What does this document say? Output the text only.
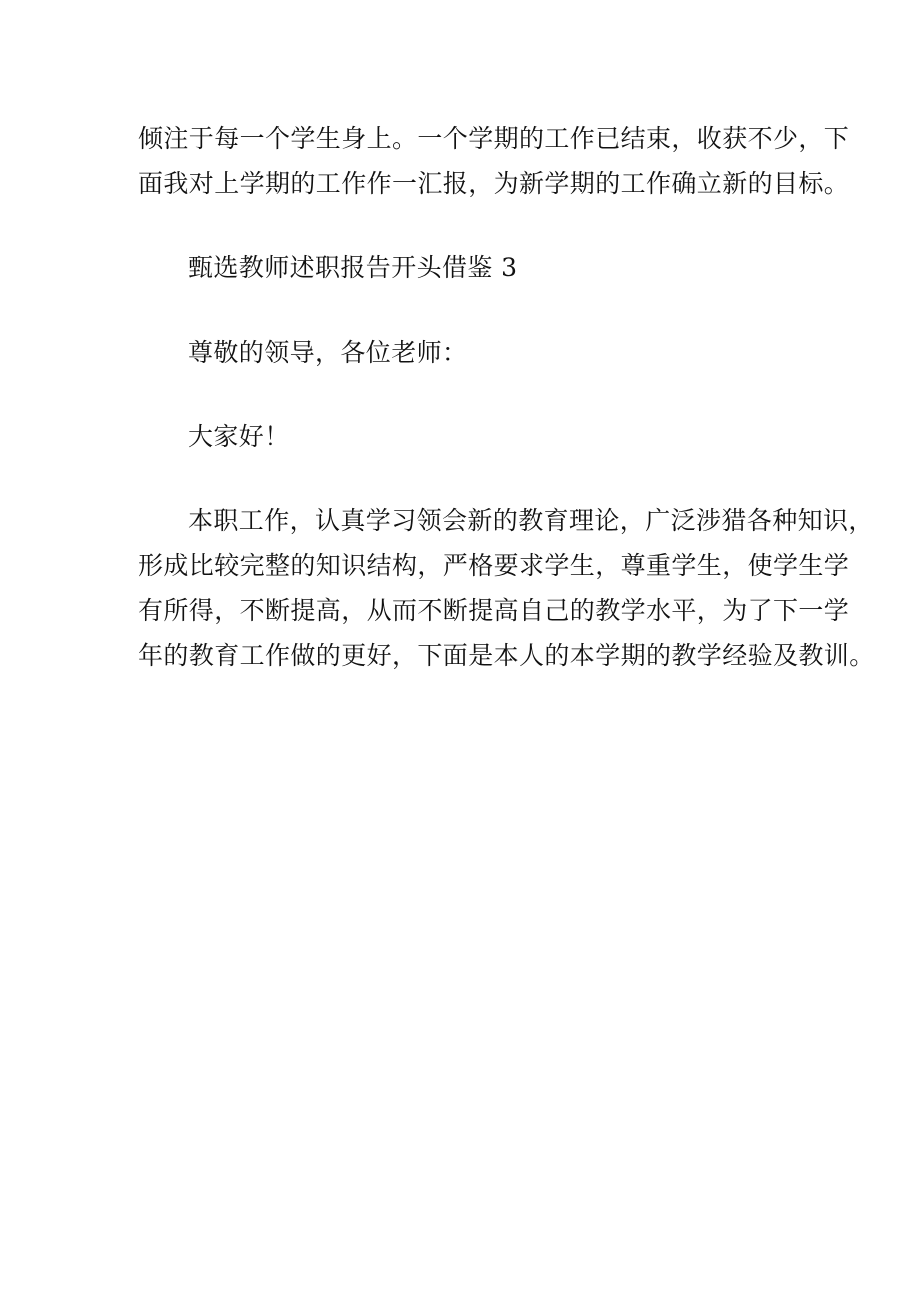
倾注于每一个学生身上。一个学期的工作已结束，收获不少，下
面我对上学期的工作作一汇报，为新学期的工作确立新的目标。
甄选教师述职报告开头借鉴 3
尊敬的领导，各位老师：
大家好！
本职工作，认真学习领会新的教育理论，广泛涉猎各种知识，
形成比较完整的知识结构，严格要求学生，尊重学生，使学生学
有所得，不断提高，从而不断提高自己的教学水平，为了下一学
年的教育工作做的更好，下面是本人的本学期的教学经验及教训。
